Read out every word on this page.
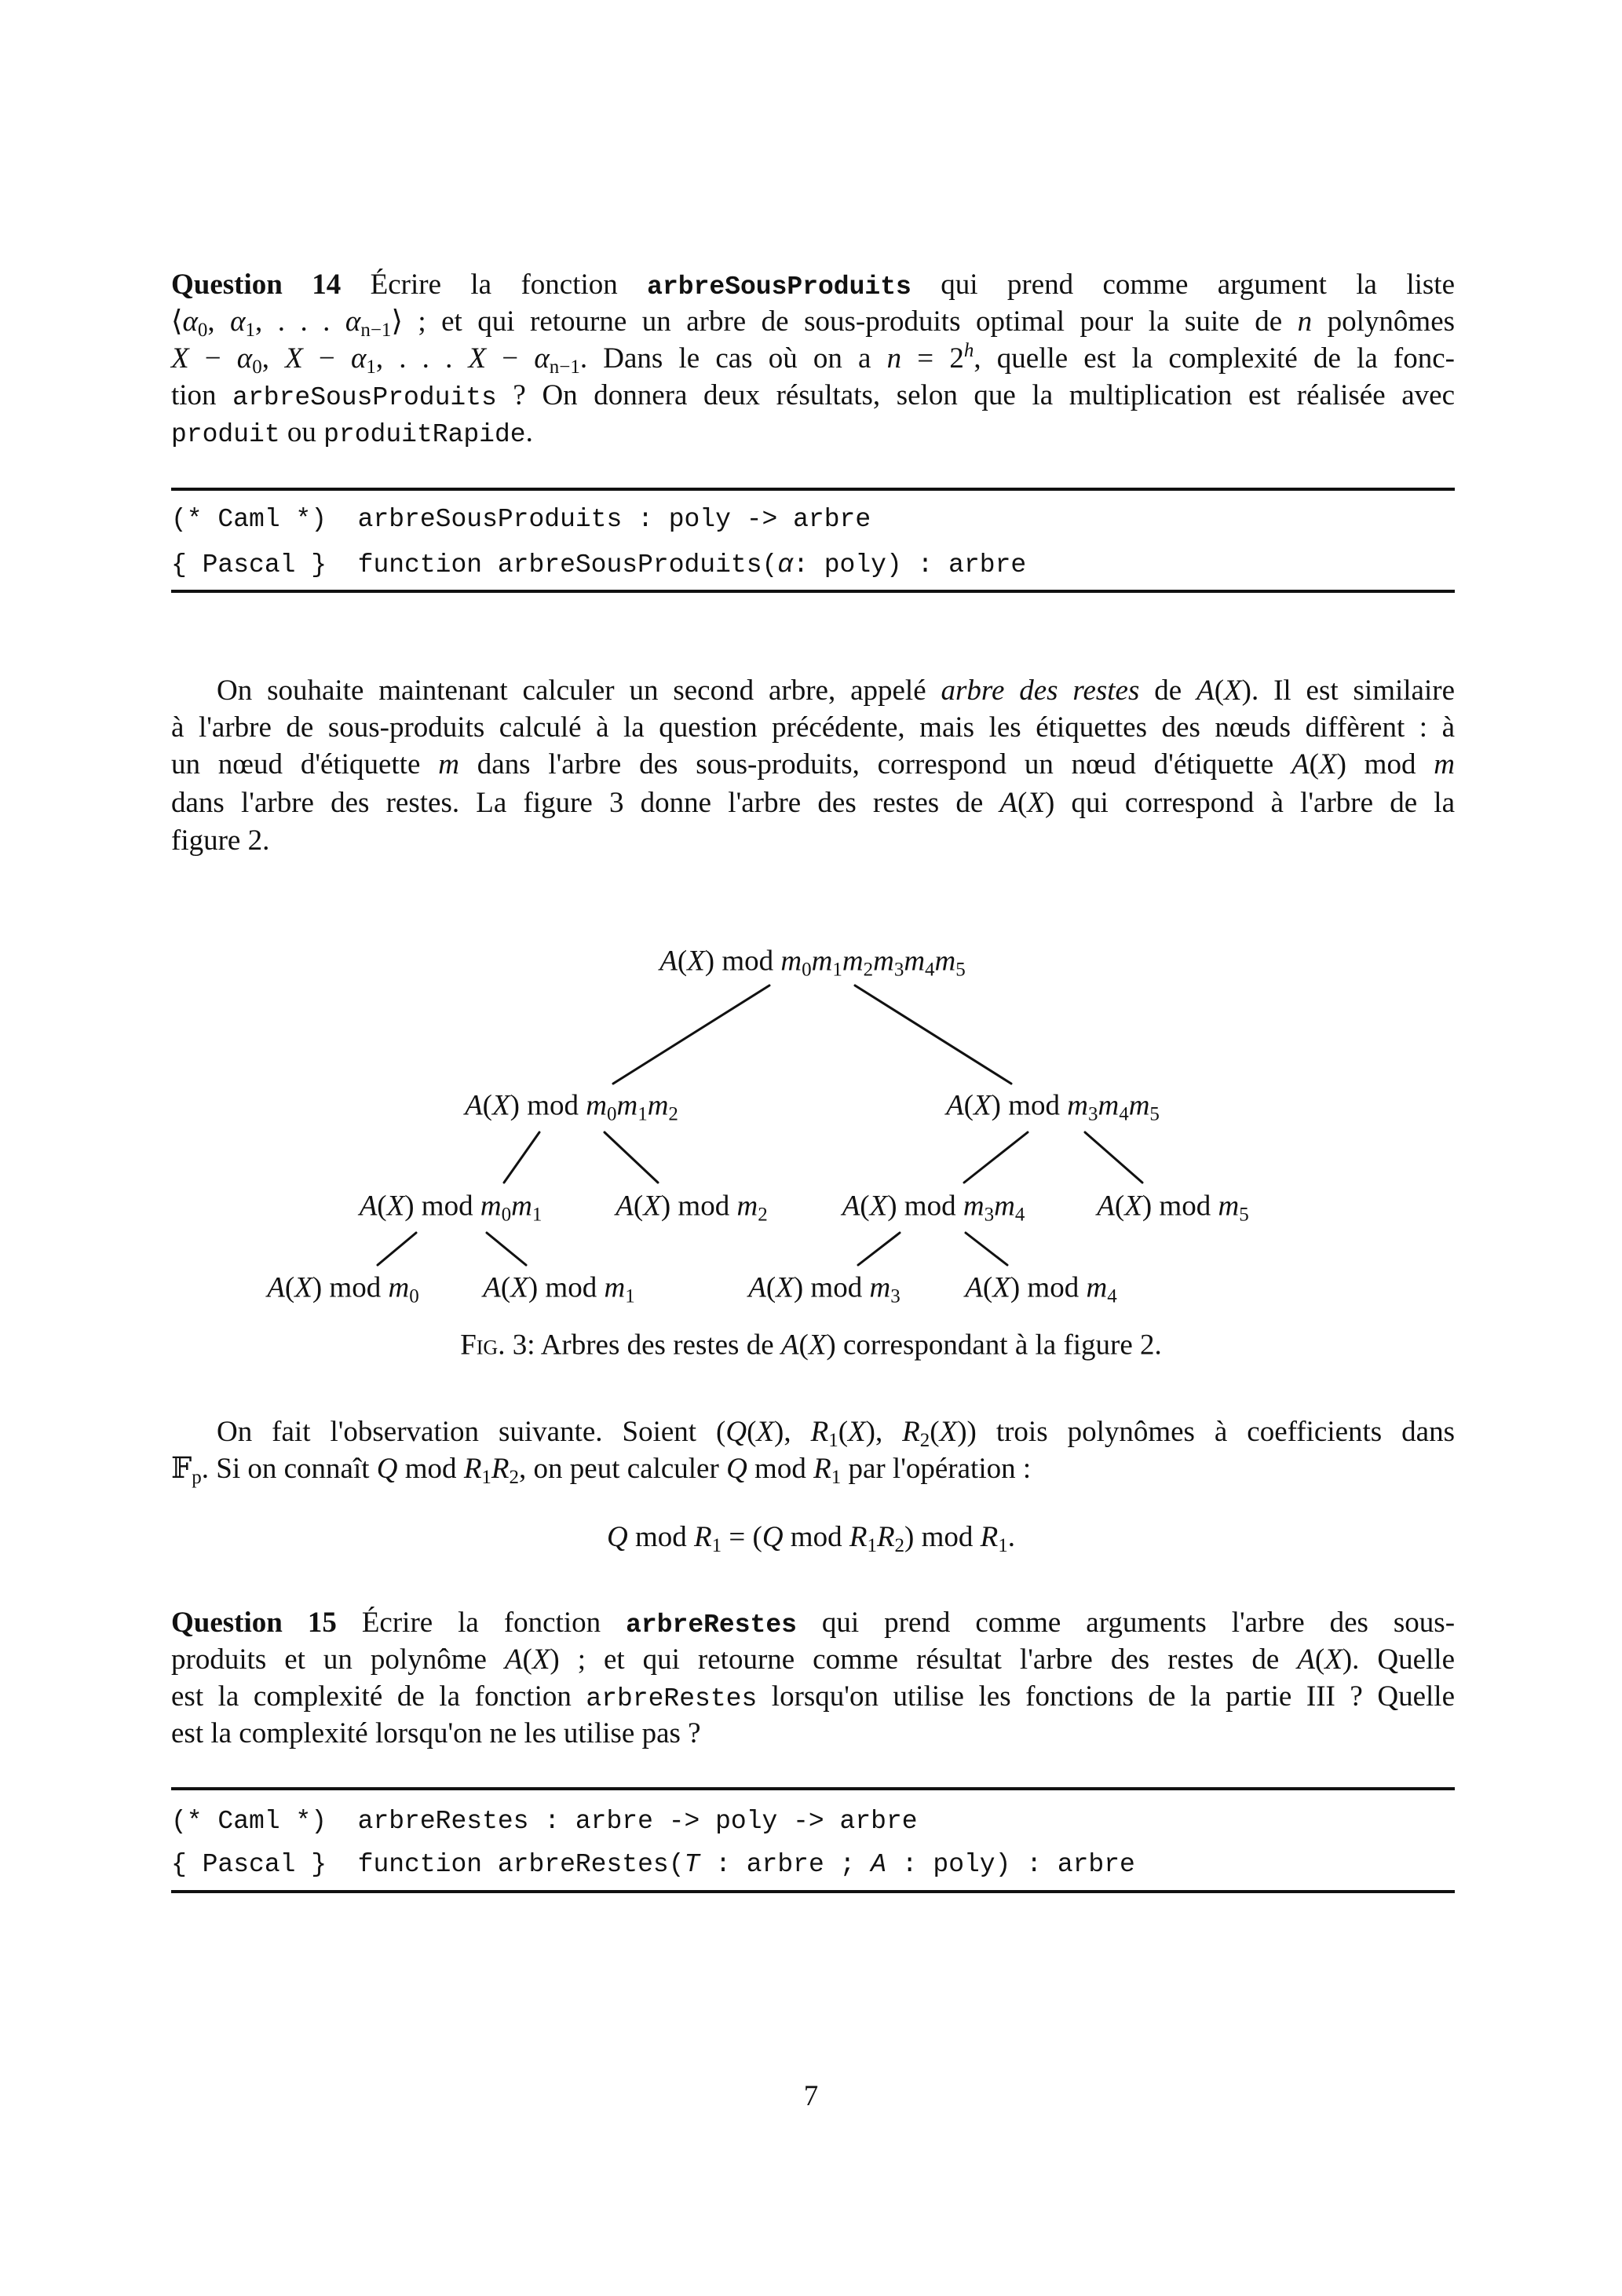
Question 14 Écrire la fonction arbreSousProduits qui prend comme argument la liste
⟨α0, α1, . . . αn−1⟩ ; et qui retourne un arbre de sous-produits optimal pour la suite de n polynômes
X − α0, X − α1, . . . X − αn−1. Dans le cas où on a $n = 2^h$, quelle est la complexité de la fonc-
tion arbreSousProduits ? On donnera deux résultats, selon que la multiplication est réalisée avec
produit ou produitRapide.
(* Caml *)  arbreSousProduits : poly -> arbre
{ Pascal }  function arbreSousProduits(α: poly) : arbre
On souhaite maintenant calculer un second arbre, appelé arbre des restes de A(X). Il est similaire
à l'arbre de sous-produits calculé à la question précédente, mais les étiquettes des nœuds diffèrent : à
un nœud d'étiquette m dans l'arbre des sous-produits, correspond un nœud d'étiquette A(X) mod m
dans l'arbre des restes. La figure 3 donne l'arbre des restes de A(X) qui correspond à l'arbre de la
figure 2.
A(X) mod m0m1m2m3m4m5
A(X) mod m0m1m2	A(X) mod m3m4m5
A(X) mod m0m1	A(X) mod m2	A(X) mod m3m4 A(X) mod m5
A(X) mod m0 A(X) mod m1	A(X) mod m3 A(X) mod m4
Fig. 3: Arbres des restes de A(X) correspondant à la figure 2.
On fait l'observation suivante. Soient (Q(X), R1(X), R2(X)) trois polynômes à coefficients dans
𝔽p. Si on connaît Q mod R1R2, on peut calculer Q mod R1 par l'opération :
Q mod R1 = (Q mod R1R2) mod R1.
Question 15 Écrire la fonction arbreRestes qui prend comme arguments l'arbre des sous-
produits et un polynôme A(X) ; et qui retourne comme résultat l'arbre des restes de A(X). Quelle
est la complexité de la fonction arbreRestes lorsqu'on utilise les fonctions de la partie III ? Quelle
est la complexité lorsqu'on ne les utilise pas ?
(* Caml *)  arbreRestes : arbre -> poly -> arbre
{ Pascal }  function arbreRestes(T : arbre ; A : poly) : arbre
7
